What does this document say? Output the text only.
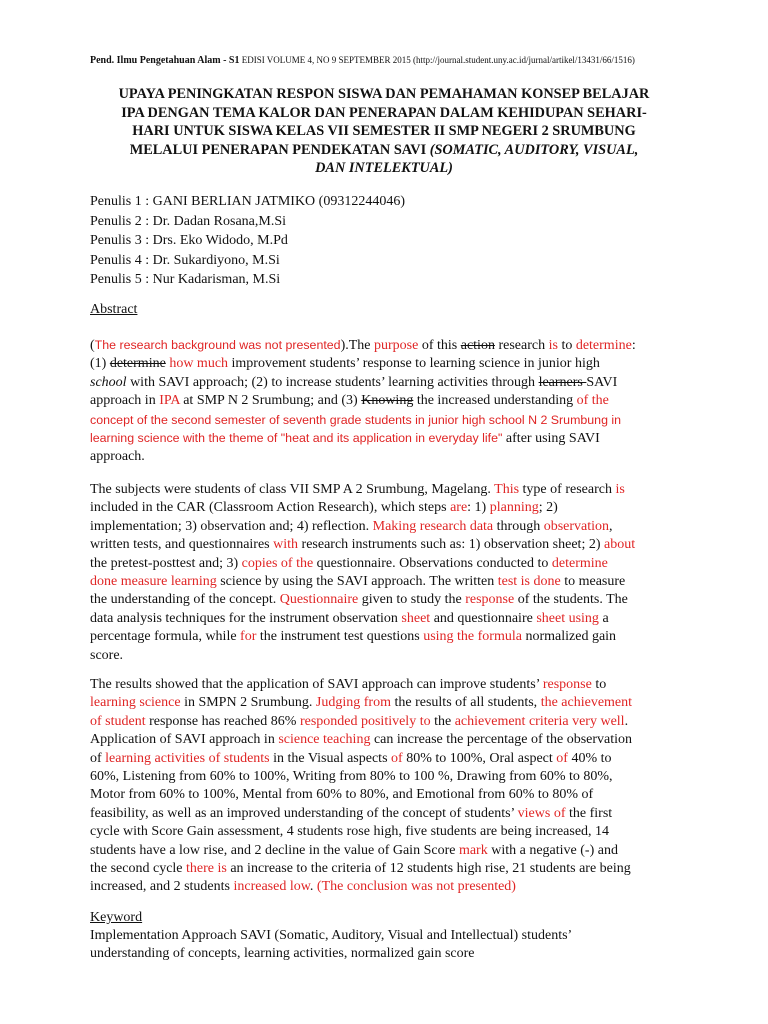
Pend. Ilmu Pengetahuan Alam - S1 EDISI VOLUME 4, NO 9 SEPTEMBER 2015 (http://journal.student.uny.ac.id/jurnal/artikel/13431/66/1516)
UPAYA PENINGKATAN RESPON SISWA DAN PEMAHAMAN KONSEP BELAJAR
IPA DENGAN TEMA KALOR DAN PENERAPAN DALAM KEHIDUPAN SEHARI-
HARI UNTUK SISWA KELAS VII SEMESTER II SMP NEGERI 2 SRUMBUNG
MELALUI PENERAPAN PENDEKATAN SAVI (SOMATIC, AUDITORY, VISUAL,
DAN INTELEKTUAL)
Penulis 1 : GANI BERLIAN JATMIKO (09312244046)
Penulis 2 : Dr. Dadan Rosana,M.Si
Penulis 3 : Drs. Eko Widodo, M.Pd
Penulis 4 : Dr. Sukardiyono, M.Si
Penulis 5 : Nur Kadarisman, M.Si
Abstract
(The research background was not presented).The purpose of this action research is to determine:
(1) determine how much improvement students’ response to learning science in junior high
school with SAVI approach; (2) to increase students’ learning activities through learners SAVI
approach in IPA at SMP N 2 Srumbung; and (3) Knowing the increased understanding of the
concept of the second semester of seventh grade students in junior high school N 2 Srumbung in
learning science with the theme of "heat and its application in everyday life" after using SAVI
approach.
The subjects were students of class VII SMP A 2 Srumbung, Magelang. This type of research is
included in the CAR (Classroom Action Research), which steps are: 1) planning; 2)
implementation; 3) observation and; 4) reflection. Making research data through observation,
written tests, and questionnaires with research instruments such as: 1) observation sheet; 2) about
the pretest-posttest and; 3) copies of the questionnaire. Observations conducted to determine
done measure learning science by using the SAVI approach. The written test is done to measure
the understanding of the concept. Questionnaire given to study the response of the students. The
data analysis techniques for the instrument observation sheet and questionnaire sheet using a
percentage formula, while for the instrument test questions using the formula normalized gain
score.
The results showed that the application of SAVI approach can improve students’ response to
learning science in SMPN 2 Srumbung. Judging from the results of all students, the achievement
of student response has reached 86% responded positively to the achievement criteria very well.
Application of SAVI approach in science teaching can increase the percentage of the observation
of learning activities of students in the Visual aspects of 80% to 100%, Oral aspect of 40% to
60%, Listening from 60% to 100%, Writing from 80% to 100 %, Drawing from 60% to 80%,
Motor from 60% to 100%, Mental from 60% to 80%, and Emotional from 60% to 80% of
feasibility, as well as an improved understanding of the concept of students’ views of the first
cycle with Score Gain assessment, 4 students rose high, five students are being increased, 14
students have a low rise, and 2 decline in the value of Gain Score mark with a negative (-) and
the second cycle there is an increase to the criteria of 12 students high rise, 21 students are being
increased, and 2 students increased low. (The conclusion was not presented)
Keyword
Implementation Approach SAVI (Somatic, Auditory, Visual and Intellectual) students’
understanding of concepts, learning activities, normalized gain score
